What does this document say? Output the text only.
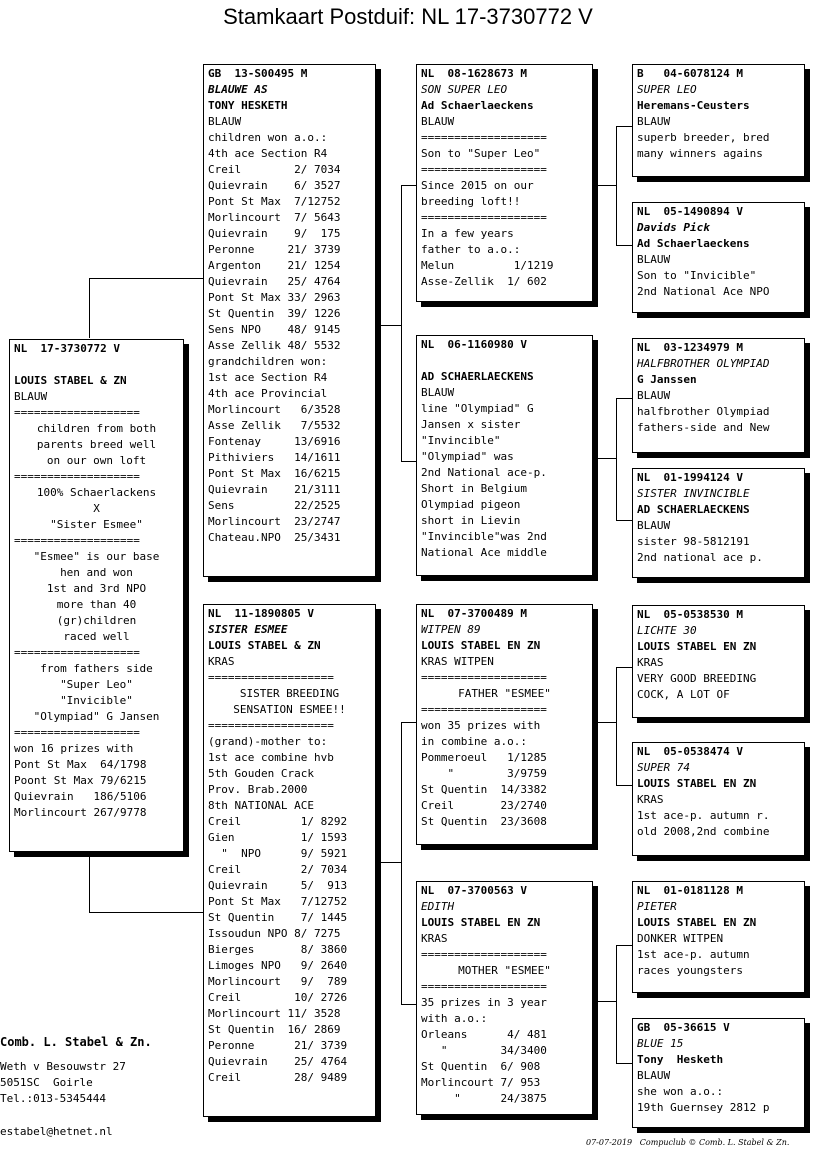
Stamkaart Postduif: NL 17-3730772 V
NL  17-3730772 V
LOUIS STABEL & ZN
BLAUW
===================
children from both
parents breed well
on our own loft
===================
100% Schaerlackens
X
"Sister Esmee"
===================
"Esmee" is our base
hen and won
1st and 3rd NPO
more than 40
(gr)children
raced well
===================
from fathers side
"Super Leo"
"Invicible"
"Olympiad" G Jansen
===================
won 16 prizes with
Pont St Max  64/1798
Poont St Max 79/6215
Quievrain   186/5106
Morlincourt 267/9778
GB  13-S00495 M
BLAUWE AS
TONY HESKETH
BLAUW
children won a.o.:
4th ace Section R4
Creil        2/ 7034
Quievrain    6/ 3527
Pont St Max  7/12752
Morlincourt  7/ 5643
Quievrain    9/  175
Peronne     21/ 3739
Argenton    21/ 1254
Quievrain   25/ 4764
Pont St Max 33/ 2963
St Quentin  39/ 1226
Sens NPO    48/ 9145
Asse Zellik 48/ 5532
grandchildren won:
1st ace Section R4
4th ace Provincial
Morlincourt   6/3528
Asse Zellik   7/5532
Fontenay     13/6916
Pithiviers   14/1611
Pont St Max  16/6215
Quievrain    21/3111
Sens         22/2525
Morlincourt  23/2747
Chateau.NPO  25/3431
NL  11-1890805 V
SISTER ESMEE
LOUIS STABEL & ZN
KRAS
===================
SISTER BREEDING
SENSATION ESMEE!!
===================
(grand)-mother to:
1st ace combine hvb
5th Gouden Crack
Prov. Brab.2000
8th NATIONAL ACE
Creil         1/ 8292
Gien          1/ 1593
"  NPO      9/ 5921
Creil         2/ 7034
Quievrain     5/  913
Pont St Max   7/12752
St Quentin    7/ 1445
Issoudun NPO 8/ 7275
Bierges       8/ 3860
Limoges NPO   9/ 2640
Morlincourt   9/  789
Creil        10/ 2726
Morlincourt 11/ 3528
St Quentin  16/ 2869
Peronne      21/ 3739
Quievrain    25/ 4764
Creil        28/ 9489
NL  08-1628673 M
SON SUPER LEO
Ad Schaerlaeckens
BLAUW
===================
Son to "Super Leo"
===================
Since 2015 on our
breeding loft!!
===================
In a few years
father to a.o.:
Melun         1/1219
Asse-Zellik  1/ 602
NL  06-1160980 V
AD SCHAERLAECKENS
BLAUW
line "Olympiad" G
Jansen x sister
"Invincible"
"Olympiad" was
2nd National ace-p.
Short in Belgium
Olympiad pigeon
short in Lievin
"Invincible"was 2nd
National Ace middle
NL  07-3700489 M
WITPEN 89
LOUIS STABEL EN ZN
KRAS WITPEN
===================
FATHER "ESMEE"
===================
won 35 prizes with
in combine a.o.:
Pommeroeul   1/1285
"        3/9759
St Quentin  14/3382
Creil       23/2740
St Quentin  23/3608
NL  07-3700563 V
EDITH
LOUIS STABEL EN ZN
KRAS
===================
MOTHER "ESMEE"
===================
35 prizes in 3 year
with a.o.:
Orleans      4/ 481
"        34/3400
St Quentin  6/ 908
Morlincourt 7/ 953
"      24/3875
B   04-6078124 M
SUPER LEO
Heremans-Ceusters
BLAUW
superb breeder, bred
many winners agains
NL  05-1490894 V
Davids Pick
Ad Schaerlaeckens
BLAUW
Son to "Invicible"
2nd National Ace NPO
NL  03-1234979 M
HALFBROTHER OLYMPIAD
G Janssen
BLAUW
halfbrother Olympiad
fathers-side and New
NL  01-1994124 V
SISTER INVINCIBLE
AD SCHAERLAECKENS
BLAUW
sister 98-5812191
2nd national ace p.
NL  05-0538530 M
LICHTE 30
LOUIS STABEL EN ZN
KRAS
VERY GOOD BREEDING
COCK, A LOT OF
NL  05-0538474 V
SUPER 74
LOUIS STABEL EN ZN
KRAS
1st ace-p. autumn r.
old 2008,2nd combine
NL  01-0181128 M
PIETER
LOUIS STABEL EN ZN
DONKER WITPEN
1st ace-p. autumn
races youngsters
GB  05-36615 V
BLUE 15
Tony  Hesketh
BLAUW
she won a.o.:
19th Guernsey 2812 p
Comb. L. Stabel & Zn.
Weth v Besouwstr 27
5051SC  Goirle
Tel.:013-5345444
estabel@hetnet.nl
07-07-2019   Compuclub © Comb. L. Stabel & Zn.
